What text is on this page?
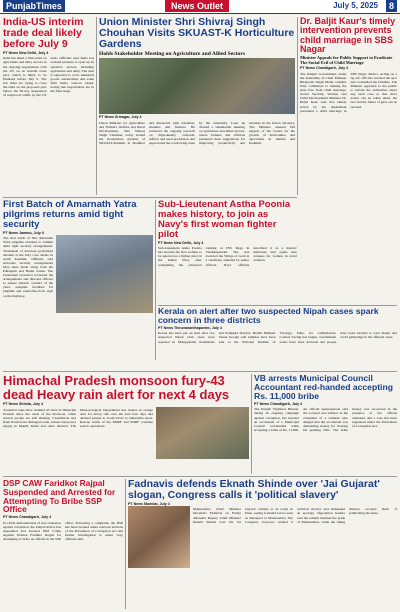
PunjabTimes	News Outlet	July 5, 2025	8
India-US interim trade deal likely before July 9

PT News New Delhi, July 4

India has taken a firm stand on agriculture and dairy sectors in the ongoing negotiations with the US on an interim trade pact, which is likely to be finalised before July 9. The two sides are trying to close the talks on the proposed pact before the 90-day suspension of reciprocal tariffs by the US ends. Officials said India has resisted pressure to open up its sensitive sectors, including agriculture and dairy. The deal is expected to cover industrial goods, automobiles and some farm items, sources added, noting that negotiations are in the final stage.

Union Minister Shri Shivraj Singh Chouhan Visits SKUAST-K Horticulture Gardens

Holds Stakeholder Meeting on Agriculture and Allied Sectors

PT News Srinagar, July 4

Union Minister for Agriculture and Farmers Welfare and Rural Development, Shri Shivraj Singh Chouhan, today visited the horticulture gardens of SKUAST-Kashmir at Shalimar and interacted with scientists, students and farmers. He reviewed the ongoing research on high-density orchards, saffron and seed production and appreciated the work being done by the university. Later he chaired a stakeholder meeting on agriculture and allied sectors, where farmers and officials presented their suggestions for improving productivity and incomes in the Union Territory. The Minister assured full support of the Centre for the growth of horticulture and agriculture in Jammu and Kashmir.

Dr. Baljit Kaur's timely intervention prevents child marriage in SBS Nagar

Minister Appeals for Public Support to Eradicate The Social Evil of Child Marriage

PT News Chandigarh, July 4

The Punjab Government, under the leadership of Chief Minister Bhagwant Singh Mann, remains fully committed to making the state free from child marriage. Social Security, Women and Child Development Minister Dr. Baljit Kaur said that timely action by the department prevented a child marriage in SBS Nagar district. Acting on a tip-off, officials reached the spot and counselled the families. The Minister appealed to the public to inform the authorities about any such case so that strict action can be taken under the law and the future of girls can be secured.

First Batch of Amarnath Yatra pilgrims returns amid tight security

PT News Jammu, July 4

The first batch of Shri Amarnath Yatra pilgrims returned to Jammu amid tight security arrangements. Thousands of devotees performed darshan at the holy cave shrine in south Kashmir. Officials said elaborate security arrangements have been made along both the Pahalgam and Baltal routes. The Lieutenant Governor reviewed the arrangements and directed officers to ensure smooth conduct of the yatra, adequate facilities for pilgrims and round-the-clock vigil on the highway.

Sub-Lieutenant Astha Poonia makes history, to join as Navy's first woman fighter pilot

PT News New Delhi, July 4

Sub-Lieutenant Astha Poonia has become the first woman to be selected as a fighter pilot in the Indian Navy after completing the advanced training at INS Dega in Visakhapatnam. She was awarded the Wings of Gold at a ceremony attended by senior officers. Navy officials described it as a historic milestone that opens new avenues for women in naval aviation.

Kerala on alert after two suspected Nipah cases spark concern in three districts

PT News Thiruvananthapuram, July 4

Kerala has been put on alert after two suspected Nipah virus cases were reported in Malappuram, Kozhikode and Palakkad districts. Health Minister Veena George said samples have been sent to the National Institute of Virology, Pune, for confirmation. Contact tracing has begun, containment zones have been declared and people have been advised to wear masks and avoid gatherings in the affected areas.

Himachal Pradesh monsoon fury-43 dead Heavy rain alert for next 4 days

PT News Shimla, July 4

Torrential rains have claimed 43 lives in Himachal Pradesh since the onset of the monsoon, while several people are still missing. Cloudbursts and flash floods have damaged roads, houses and power supply in Mandi, Kullu and other districts. The Meteorological Department has issued an orange alert for heavy rain over the next four days and advised people to avoid travel to vulnerable areas. Rescue teams of the NDRF and SDRF continue search operations.

VB arrests Municipal Council Accountant red-handed accepting Rs. 11,000 bribe

PT News Chandigarh, July 4

The Punjab Vigilance Bureau, during its ongoing campaign against corruption, has arrested an accountant of a Municipal Council red-handed while accepting a bribe of Rs. 11,000. An official spokesperson said the accused was nabbed on the complaint of a resident who alleged that the accountant was demanding money for clearing his pending bills. The bribe money was recovered in the presence of two official witnesses and a case has been registered under the Prevention of Corruption Act.

DSP CAW Faridkot Rajpal Suspended and Arrested for Attempting To Bribe SSP Office

PT News Chandigarh, July 4

In a firm demonstration of zero-tolerance against corruption, the Punjab Police has suspended and arrested DSP Crime Against Women Faridkot Rajpal for attempting to bribe an official in the SSP office. Following a complaint, the DSP has been booked under relevant sections of the Prevention of Corruption Act and further investigation is under way, officials said.

Fadnavis defends Eknath Shinde over 'Jai Gujarat' slogan, Congress calls it 'political slavery'

PT News Mumbai, July 4

Maharashtra Chief Minister Devendra Fadnavis on Friday defended Deputy Chief Minister Eknath Shinde over his 'Jai Gujarat' remark at an event in Pune, saying it should not be seen as disrespect to Maharashtra. The Congress, however, termed it 'political slavery' and demanded an apology. Opposition leaders said the remark insulted the pride of Maharashtra, while the ruling alliance accused them of politicising the issue.
